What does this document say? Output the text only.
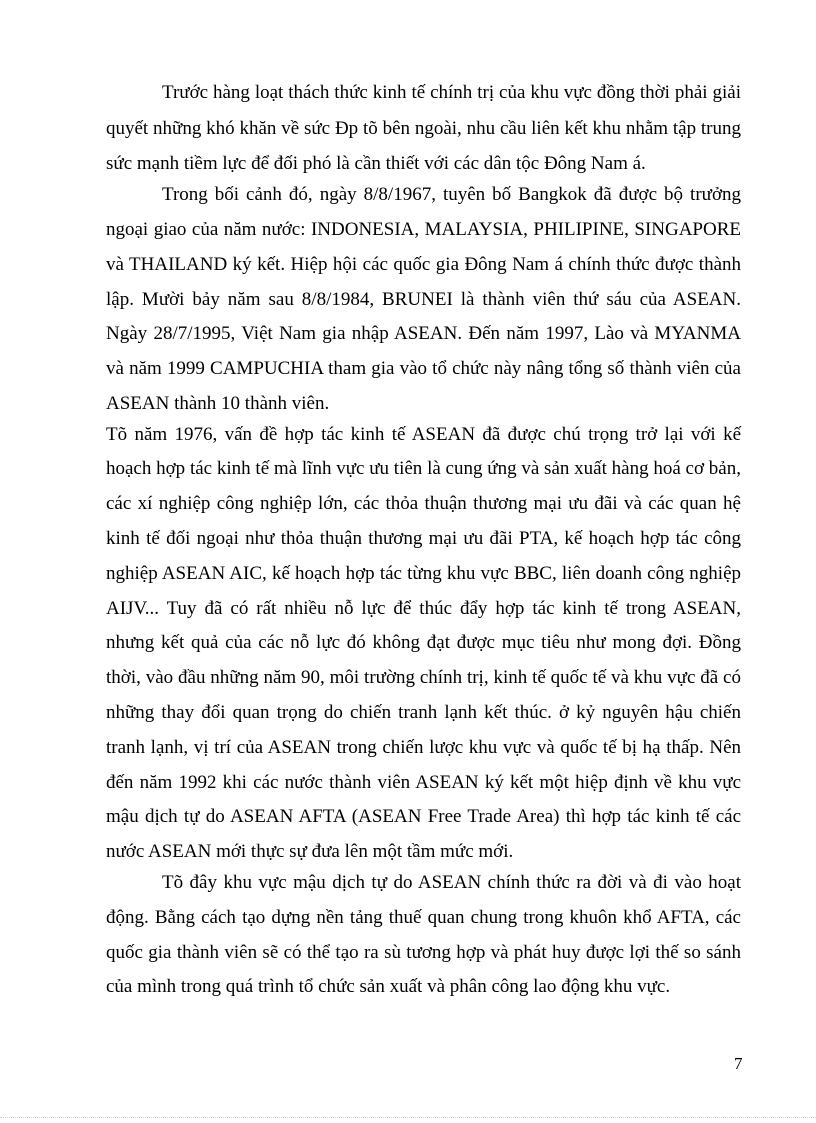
Trước hàng loạt thách thức kinh tế chính trị của khu vực đồng thời phải giải

quyết những khó khăn về sức Ðp tõ bên ngoài, nhu cầu liên kết khu nhằm tập trung

sức mạnh tiềm lực để đối phó là cần thiết với các dân tộc Đông Nam á.

Trong bối cảnh đó, ngày 8/8/1967, tuyên bố Bangkok đã được bộ trưởng

ngoại giao của năm nước: INDONESIA, MALAYSIA, PHILIPINE, SINGAPORE

và THAILAND ký kết. Hiệp hội các quốc gia Đông Nam á chính thức được thành

lập. Mười bảy năm sau 8/8/1984, BRUNEI là thành viên thứ sáu của ASEAN.

Ngày 28/7/1995, Việt Nam gia nhập ASEAN. Đến năm 1997, Lào và MYANMA

và năm 1999 CAMPUCHIA tham gia vào tổ chức này nâng tổng số thành viên của

ASEAN thành 10 thành viên.

Tõ năm 1976, vấn đề hợp tác kinh tế ASEAN đã được chú trọng trở lại với kế

hoạch hợp tác kinh tế mà lĩnh vực ưu tiên là cung ứng và sản xuất hàng hoá cơ bản,

các xí nghiệp công nghiệp lớn, các thỏa thuận thương mại ưu đãi và các quan hệ

kinh tế đối ngoại như thỏa thuận thương mại ưu đãi PTA, kế hoạch hợp tác công

nghiệp ASEAN AIC, kế hoạch hợp tác từng khu vực BBC, liên doanh công nghiệp

AIJV... Tuy đã có rất nhiều nỗ lực để thúc đẩy hợp tác kinh tế trong ASEAN,

nhưng kết quả của các nỗ lực đó không đạt được mục tiêu như mong đợi. Đồng

thời, vào đầu những năm 90, môi trường chính trị, kinh tế quốc tế và khu vực đã có

những thay đổi quan trọng do chiến tranh lạnh kết thúc. ở kỷ nguyên hậu chiến

tranh lạnh, vị trí của ASEAN trong chiến lược khu vực và quốc tế bị hạ thấp. Nên

đến năm 1992 khi các nước thành viên ASEAN ký kết một hiệp định về khu vực

mậu dịch tự do ASEAN AFTA (ASEAN Free Trade Area) thì hợp tác kinh tế các

nước ASEAN mới thực sự đưa lên một tầm mức mới.

Tõ đây khu vực mậu dịch tự do ASEAN chính thức ra đời và đi vào hoạt

động. Bằng cách tạo dựng nền tảng thuế quan chung trong khuôn khổ AFTA, các

quốc gia thành viên sẽ có thể tạo ra sù tương hợp và phát huy được lợi thế so sánh

của mình trong quá trình tổ chức sản xuất và phân công lao động khu vực.

7
